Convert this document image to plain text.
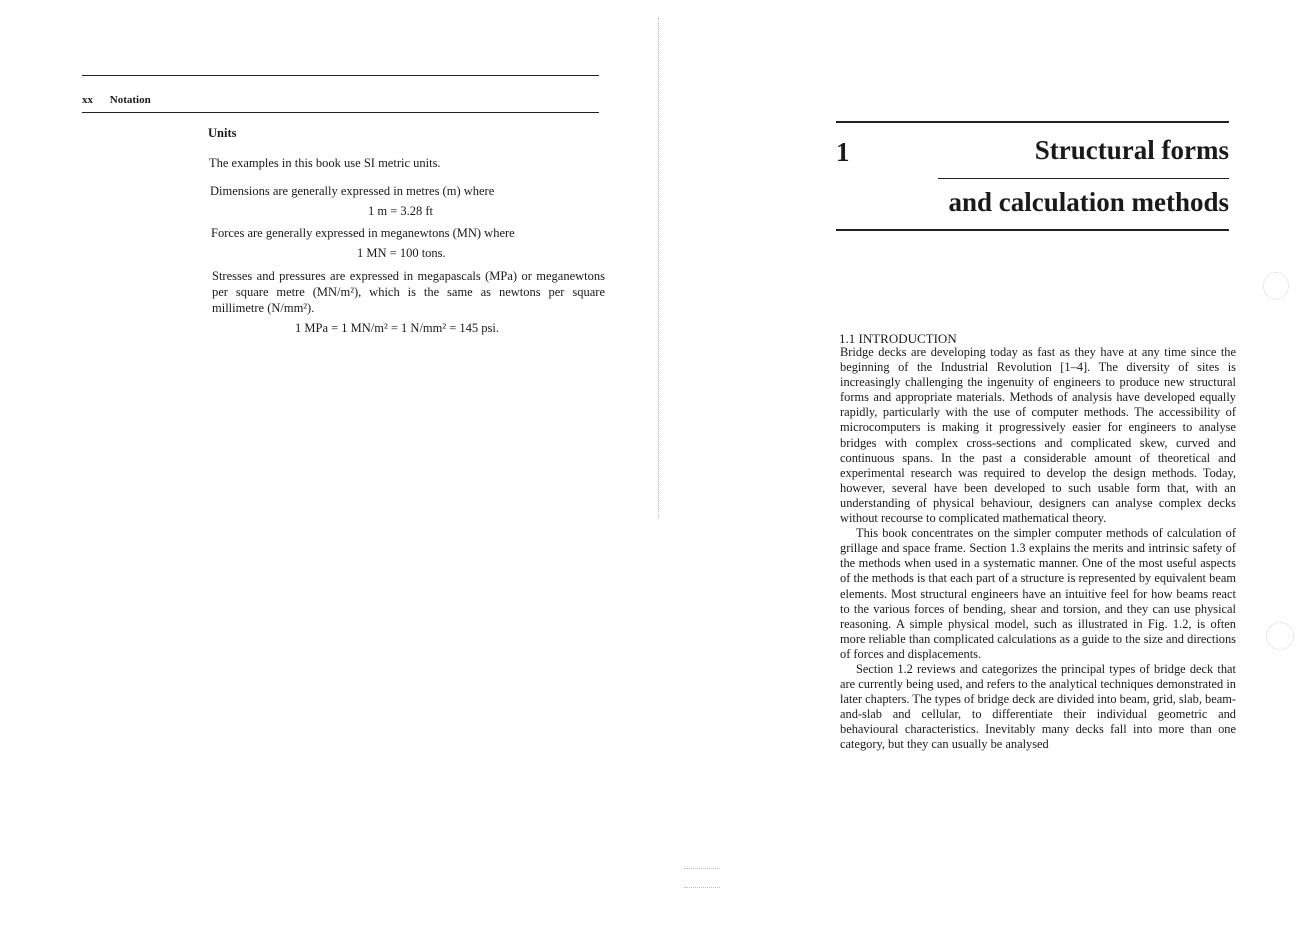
xx Notation
Units
The examples in this book use SI metric units.
Dimensions are generally expressed in metres (m) where
1 m = 3.28 ft
Forces are generally expressed in meganewtons (MN) where
1 MN = 100 tons.
Stresses and pressures are expressed in megapascals (MPa) or meganewtons per square metre (MN/m²), which is the same as newtons per square millimetre (N/mm²).
1 MPa = 1 MN/m² = 1 N/mm² = 145 psi.
1	Structural forms
and calculation methods
1.1 INTRODUCTION

Bridge decks are developing today as fast as they have at any time since the beginning of the Industrial Revolution [1–4]. The diversity of sites is increasingly challenging the ingenuity of engineers to produce new structural forms and appropriate materials. Methods of analysis have developed equally rapidly, particularly with the use of computer methods. The accessibility of microcomputers is making it progressively easier for engineers to analyse bridges with complex cross-sections and complicated skew, curved and continuous spans. In the past a considerable amount of theoretical and experimental research was required to develop the design methods. Today, however, several have been developed to such usable form that, with an understanding of physical behaviour, designers can analyse complex decks without recourse to complicated mathematical theory.

This book concentrates on the simpler computer methods of calculation of grillage and space frame. Section 1.3 explains the merits and intrinsic safety of the methods when used in a systematic manner. One of the most useful aspects of the methods is that each part of a structure is represented by equivalent beam elements. Most structural engineers have an intuitive feel for how beams react to the various forces of bending, shear and torsion, and they can use physical reasoning. A simple physical model, such as illustrated in Fig. 1.2, is often more reliable than complicated calculations as a guide to the size and directions of forces and displacements.

Section 1.2 reviews and categorizes the principal types of bridge deck that are currently being used, and refers to the analytical techniques demonstrated in later chapters. The types of bridge deck are divided into beam, grid, slab, beam-and-slab and cellular, to differentiate their individual geometric and behavioural characteristics. Inevitably many decks fall into more than one category, but they can usually be analysed
